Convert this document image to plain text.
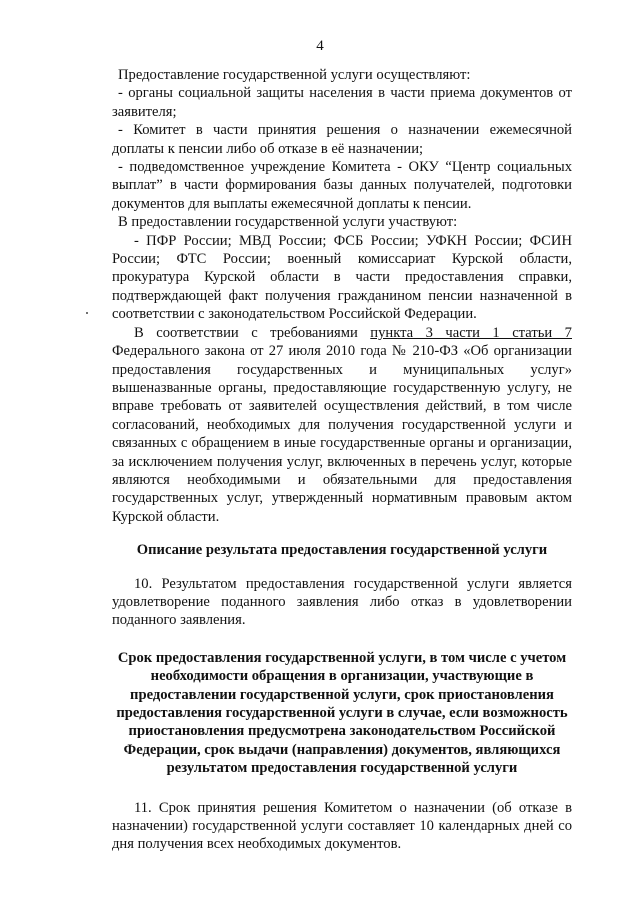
4

Предоставление государственной услуги осуществляют:

- органы социальной защиты населения в части приема документов от заявителя;

- Комитет в части принятия решения о назначении ежемесячной доплаты к пенсии либо об отказе в её назначении;

- подведомственное учреждение Комитета - ОКУ “Центр социальных выплат” в части формирования базы данных получателей, подготовки документов для выплаты ежемесячной доплаты к пенсии.

В предоставлении государственной услуги участвуют:

- ПФР России; МВД России; ФСБ России; УФКН России; ФСИН России; ФТС России; военный комиссариат Курской области, прокуратура Курской области в части предоставления справки, подтверждающей факт получения гражданином пенсии назначенной в соответствии с законодательством Российской Федерации.

В соответствии с требованиями пункта 3 части 1 статьи 7 Федерального закона от 27 июля 2010 года № 210-ФЗ «Об организации предоставления государственных и муниципальных услуг» вышеназванные органы, предоставляющие государственную услугу, не вправе требовать от заявителей осуществления действий, в том числе согласований, необходимых для получения государственной услуги и связанных с обращением в иные государственные органы и организации, за исключением получения услуг, включенных в перечень услуг, которые являются необходимыми и обязательными для предоставления государственных услуг, утвержденный нормативным правовым актом Курской области.

Описание результата предоставления государственной услуги

10. Результатом предоставления государственной услуги является удовлетворение поданного заявления либо отказ в удовлетворении поданного заявления.

Срок предоставления государственной услуги, в том числе с учетом необходимости обращения в организации, участвующие в предоставлении государственной услуги, срок приостановления предоставления государственной услуги в случае, если возможность приостановления предусмотрена законодательством Российской Федерации, срок выдачи (направления) документов, являющихся результатом предоставления государственной услуги

11. Срок принятия решения Комитетом о назначении (об отказе в назначении) государственной услуги составляет 10 календарных дней со дня получения всех необходимых документов.
